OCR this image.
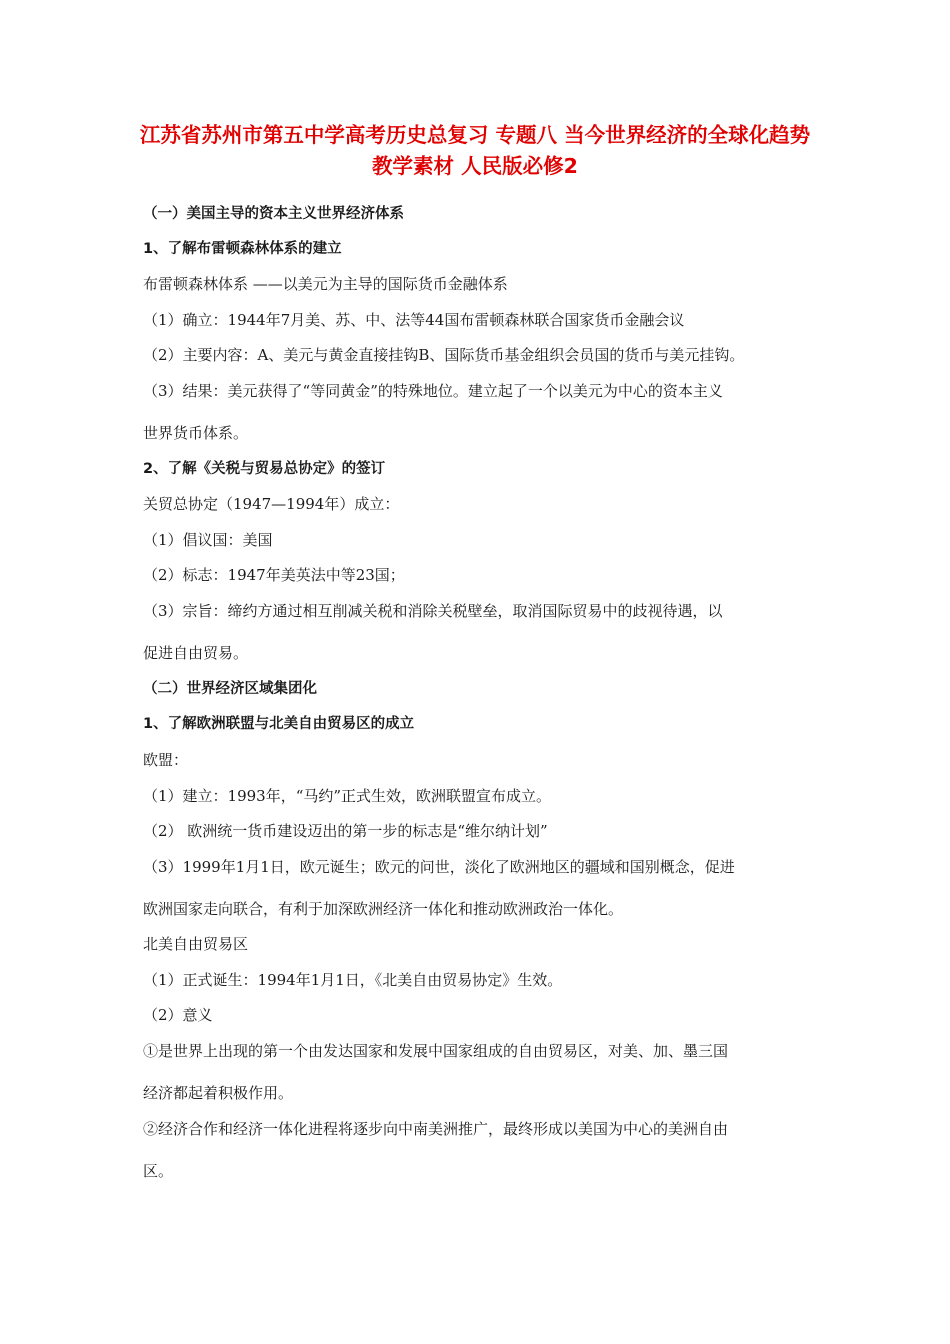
江苏省苏州市第五中学高考历史总复习 专题八 当今世界经济的全球化趋势教学素材 人民版必修2

（一）美国主导的资本主义世界经济体系

1、了解布雷顿森林体系的建立

布雷顿森林体系 ——以美元为主导的国际货币金融体系

（1）确立：1944年7月美、苏、中、法等44国布雷顿森林联合国家货币金融会议

（2）主要内容：A、美元与黄金直接挂钩B、国际货币基金组织会员国的货币与美元挂钩。

（3）结果：美元获得了“等同黄金”的特殊地位。建立起了一个以美元为中心的资本主义

世界货币体系。

2、了解《关税与贸易总协定》的签订

关贸总协定（1947—1994年）成立：

（1）倡议国：美国

（2）标志：1947年美英法中等23国；

（3）宗旨：缔约方通过相互削减关税和消除关税壁垒，取消国际贸易中的歧视待遇，以

促进自由贸易。

（二）世界经济区域集团化

1、了解欧洲联盟与北美自由贸易区的成立

欧盟：

（1）建立：1993年，“马约”正式生效，欧洲联盟宣布成立。

（2） 欧洲统一货币建设迈出的第一步的标志是“维尔纳计划”

（3）1999年1月1日，欧元诞生；欧元的问世，淡化了欧洲地区的疆域和国别概念，促进

欧洲国家走向联合，有利于加深欧洲经济一体化和推动欧洲政治一体化。

北美自由贸易区

（1）正式诞生：1994年1月1日，《北美自由贸易协定》生效。

（2）意义

①是世界上出现的第一个由发达国家和发展中国家组成的自由贸易区，对美、加、墨三国

经济都起着积极作用。

②经济合作和经济一体化进程将逐步向中南美洲推广，最终形成以美国为中心的美洲自由

区。
